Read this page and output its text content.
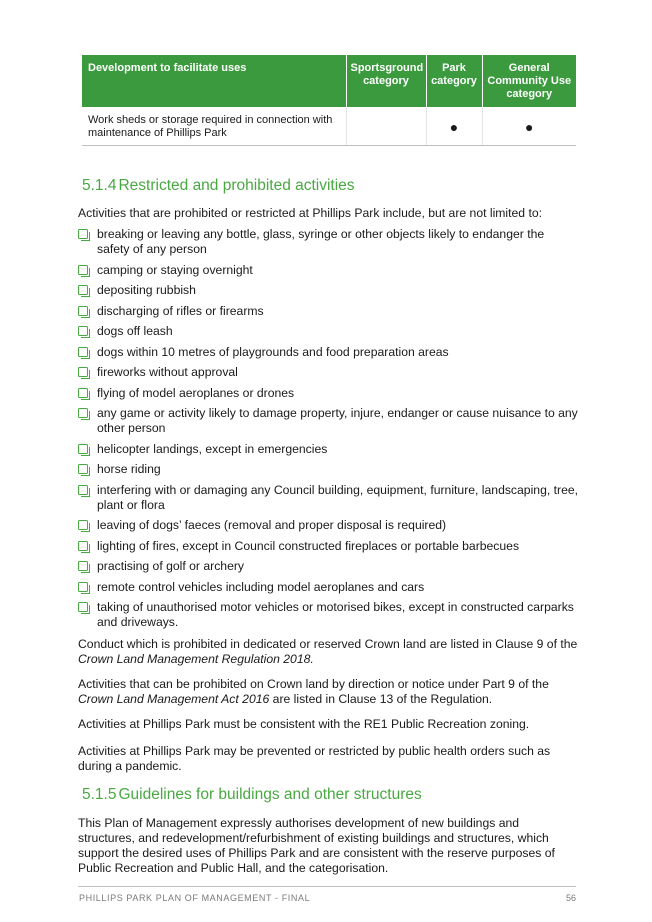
Development to facilitate uses	Sportsground category	Park category	General Community Use category
Work sheds or storage required in connection with maintenance of Phillips Park		●	●
5.1.4 Restricted and prohibited activities

Activities that are prohibited or restricted at Phillips Park include, but are not limited to:

breaking or leaving any bottle, glass, syringe or other objects likely to endanger the safety of any person
camping or staying overnight
depositing rubbish
discharging of rifles or firearms
dogs off leash
dogs within 10 metres of playgrounds and food preparation areas
fireworks without approval
flying of model aeroplanes or drones
any game or activity likely to damage property, injure, endanger or cause nuisance to any other person
helicopter landings, except in emergencies
horse riding
interfering with or damaging any Council building, equipment, furniture, landscaping, tree, plant or flora
leaving of dogs’ faeces (removal and proper disposal is required)
lighting of fires, except in Council constructed fireplaces or portable barbecues
practising of golf or archery
remote control vehicles including model aeroplanes and cars
taking of unauthorised motor vehicles or motorised bikes, except in constructed carparks and driveways.

Conduct which is prohibited in dedicated or reserved Crown land are listed in Clause 9 of the Crown Land Management Regulation 2018.

Activities that can be prohibited on Crown land by direction or notice under Part 9 of the Crown Land Management Act 2016 are listed in Clause 13 of the Regulation.

Activities at Phillips Park must be consistent with the RE1 Public Recreation zoning.

Activities at Phillips Park may be prevented or restricted by public health orders such as during a pandemic.

5.1.5 Guidelines for buildings and other structures

This Plan of Management expressly authorises development of new buildings and structures, and redevelopment/refurbishment of existing buildings and structures, which support the desired uses of Phillips Park and are consistent with the reserve purposes of Public Recreation and Public Hall, and the categorisation.

PHILLIPS PARK PLAN OF MANAGEMENT - FINAL	56
